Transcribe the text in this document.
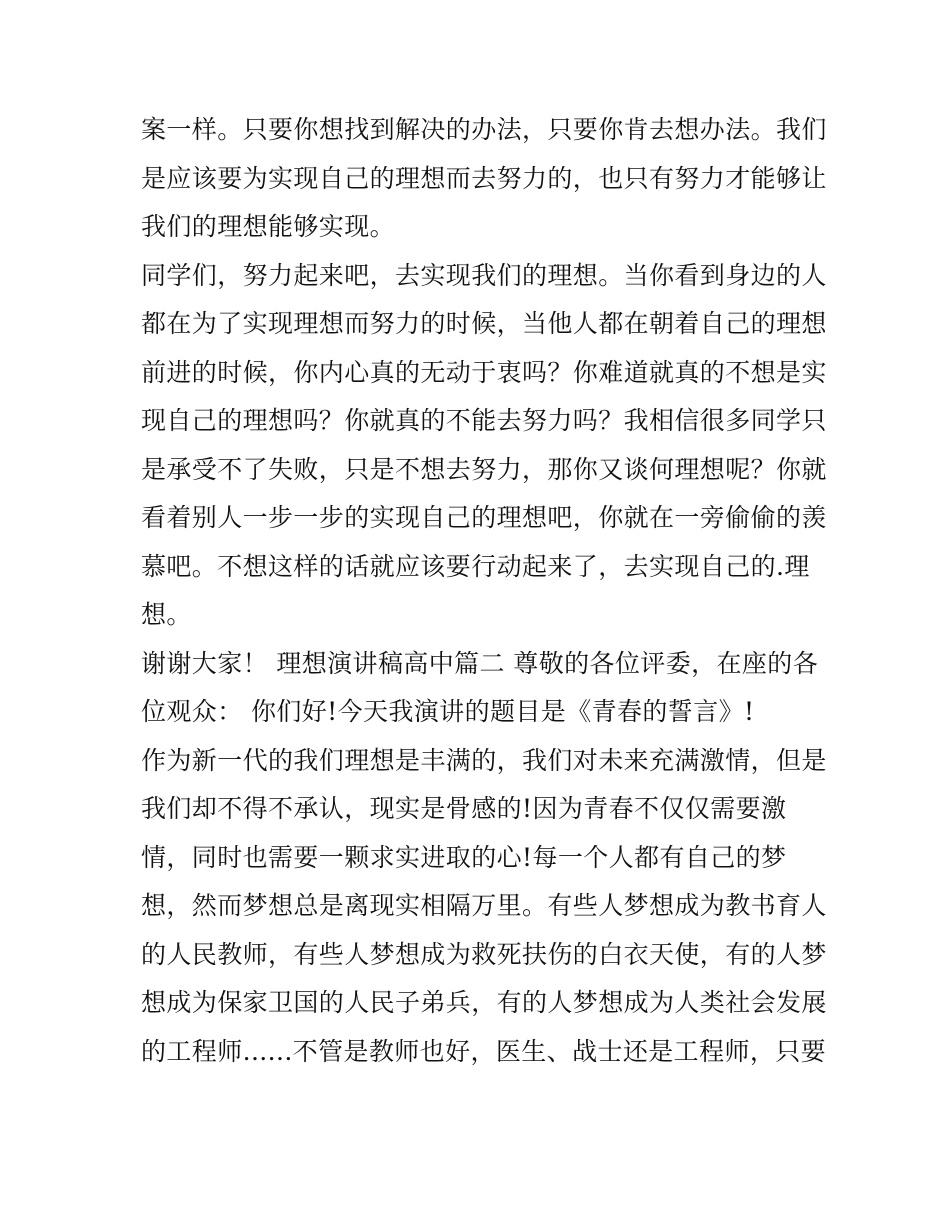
案一样。只要你想找到解决的办法，只要你肯去想办法。我们
是应该要为实现自己的理想而去努力的，也只有努力才能够让
我们的理想能够实现。
同学们，努力起来吧，去实现我们的理想。当你看到身边的人
都在为了实现理想而努力的时候，当他人都在朝着自己的理想
前进的时候，你内心真的无动于衷吗？你难道就真的不想是实
现自己的理想吗？你就真的不能去努力吗？我相信很多同学只
是承受不了失败，只是不想去努力，那你又谈何理想呢？你就
看着别人一步一步的实现自己的理想吧，你就在一旁偷偷的羡
慕吧。不想这样的话就应该要行动起来了，去实现自己的.理
想。
谢谢大家！ 理想演讲稿高中篇二 尊敬的各位评委，在座的各
位观众： 你们好!今天我演讲的题目是《青春的誓言》!
作为新一代的我们理想是丰满的，我们对未来充满激情，但是
我们却不得不承认，现实是骨感的!因为青春不仅仅需要激
情，同时也需要一颗求实进取的心!每一个人都有自己的梦
想，然而梦想总是离现实相隔万里。有些人梦想成为教书育人
的人民教师，有些人梦想成为救死扶伤的白衣天使，有的人梦
想成为保家卫国的人民子弟兵，有的人梦想成为人类社会发展
的工程师......不管是教师也好，医生、战士还是工程师，只要
